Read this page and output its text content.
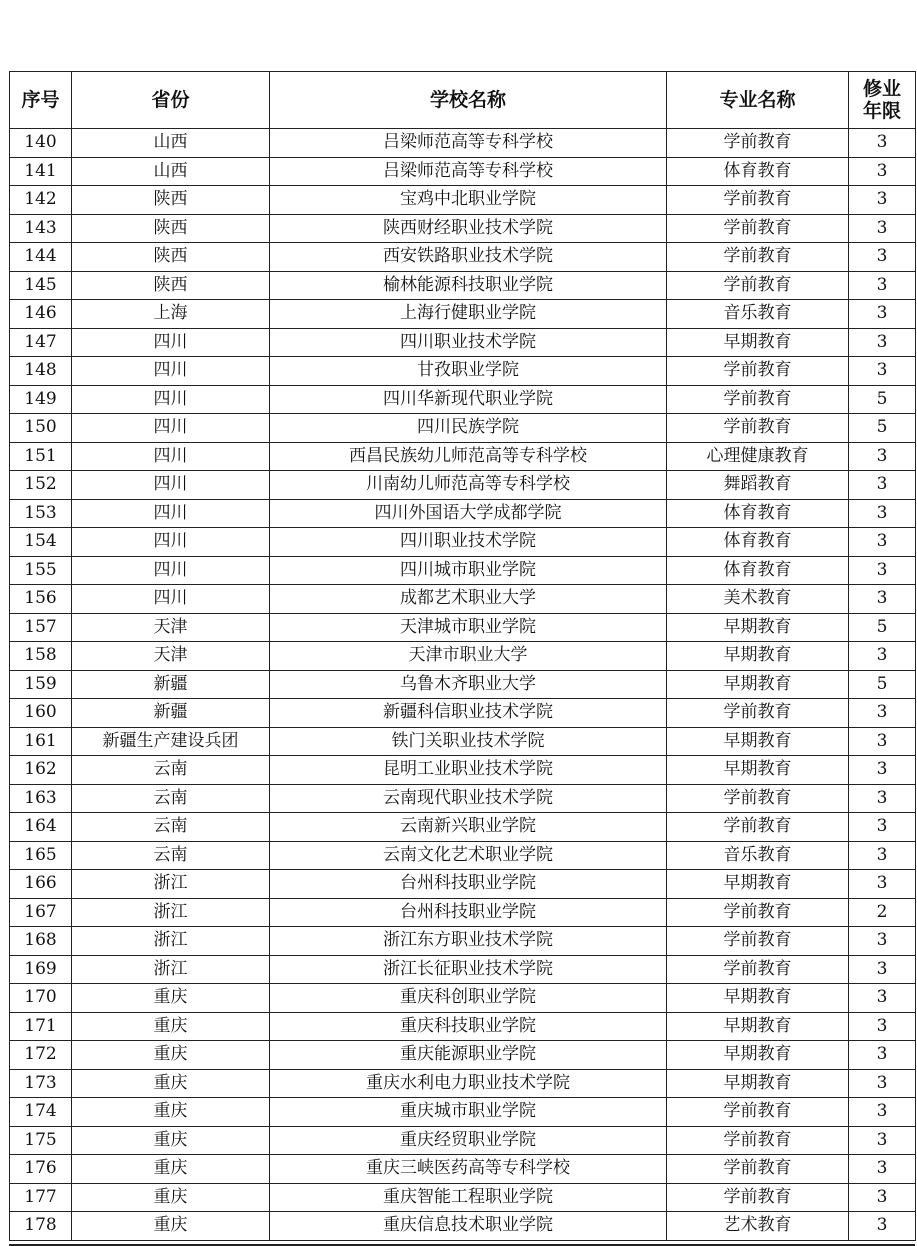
序号	省份	学校名称	专业名称	修业
年限
140	山西	吕梁师范高等专科学校	学前教育	3
141	山西	吕梁师范高等专科学校	体育教育	3
142	陕西	宝鸡中北职业学院	学前教育	3
143	陕西	陕西财经职业技术学院	学前教育	3
144	陕西	西安铁路职业技术学院	学前教育	3
145	陕西	榆林能源科技职业学院	学前教育	3
146	上海	上海行健职业学院	音乐教育	3
147	四川	四川职业技术学院	早期教育	3
148	四川	甘孜职业学院	学前教育	3
149	四川	四川华新现代职业学院	学前教育	5
150	四川	四川民族学院	学前教育	5
151	四川	西昌民族幼儿师范高等专科学校	心理健康教育	3
152	四川	川南幼儿师范高等专科学校	舞蹈教育	3
153	四川	四川外国语大学成都学院	体育教育	3
154	四川	四川职业技术学院	体育教育	3
155	四川	四川城市职业学院	体育教育	3
156	四川	成都艺术职业大学	美术教育	3
157	天津	天津城市职业学院	早期教育	5
158	天津	天津市职业大学	早期教育	3
159	新疆	乌鲁木齐职业大学	早期教育	5
160	新疆	新疆科信职业技术学院	学前教育	3
161	新疆生产建设兵团	铁门关职业技术学院	早期教育	3
162	云南	昆明工业职业技术学院	早期教育	3
163	云南	云南现代职业技术学院	学前教育	3
164	云南	云南新兴职业学院	学前教育	3
165	云南	云南文化艺术职业学院	音乐教育	3
166	浙江	台州科技职业学院	早期教育	3
167	浙江	台州科技职业学院	学前教育	2
168	浙江	浙江东方职业技术学院	学前教育	3
169	浙江	浙江长征职业技术学院	学前教育	3
170	重庆	重庆科创职业学院	早期教育	3
171	重庆	重庆科技职业学院	早期教育	3
172	重庆	重庆能源职业学院	早期教育	3
173	重庆	重庆水利电力职业技术学院	早期教育	3
174	重庆	重庆城市职业学院	学前教育	3
175	重庆	重庆经贸职业学院	学前教育	3
176	重庆	重庆三峡医药高等专科学校	学前教育	3
177	重庆	重庆智能工程职业学院	学前教育	3
178	重庆	重庆信息技术职业学院	艺术教育	3
